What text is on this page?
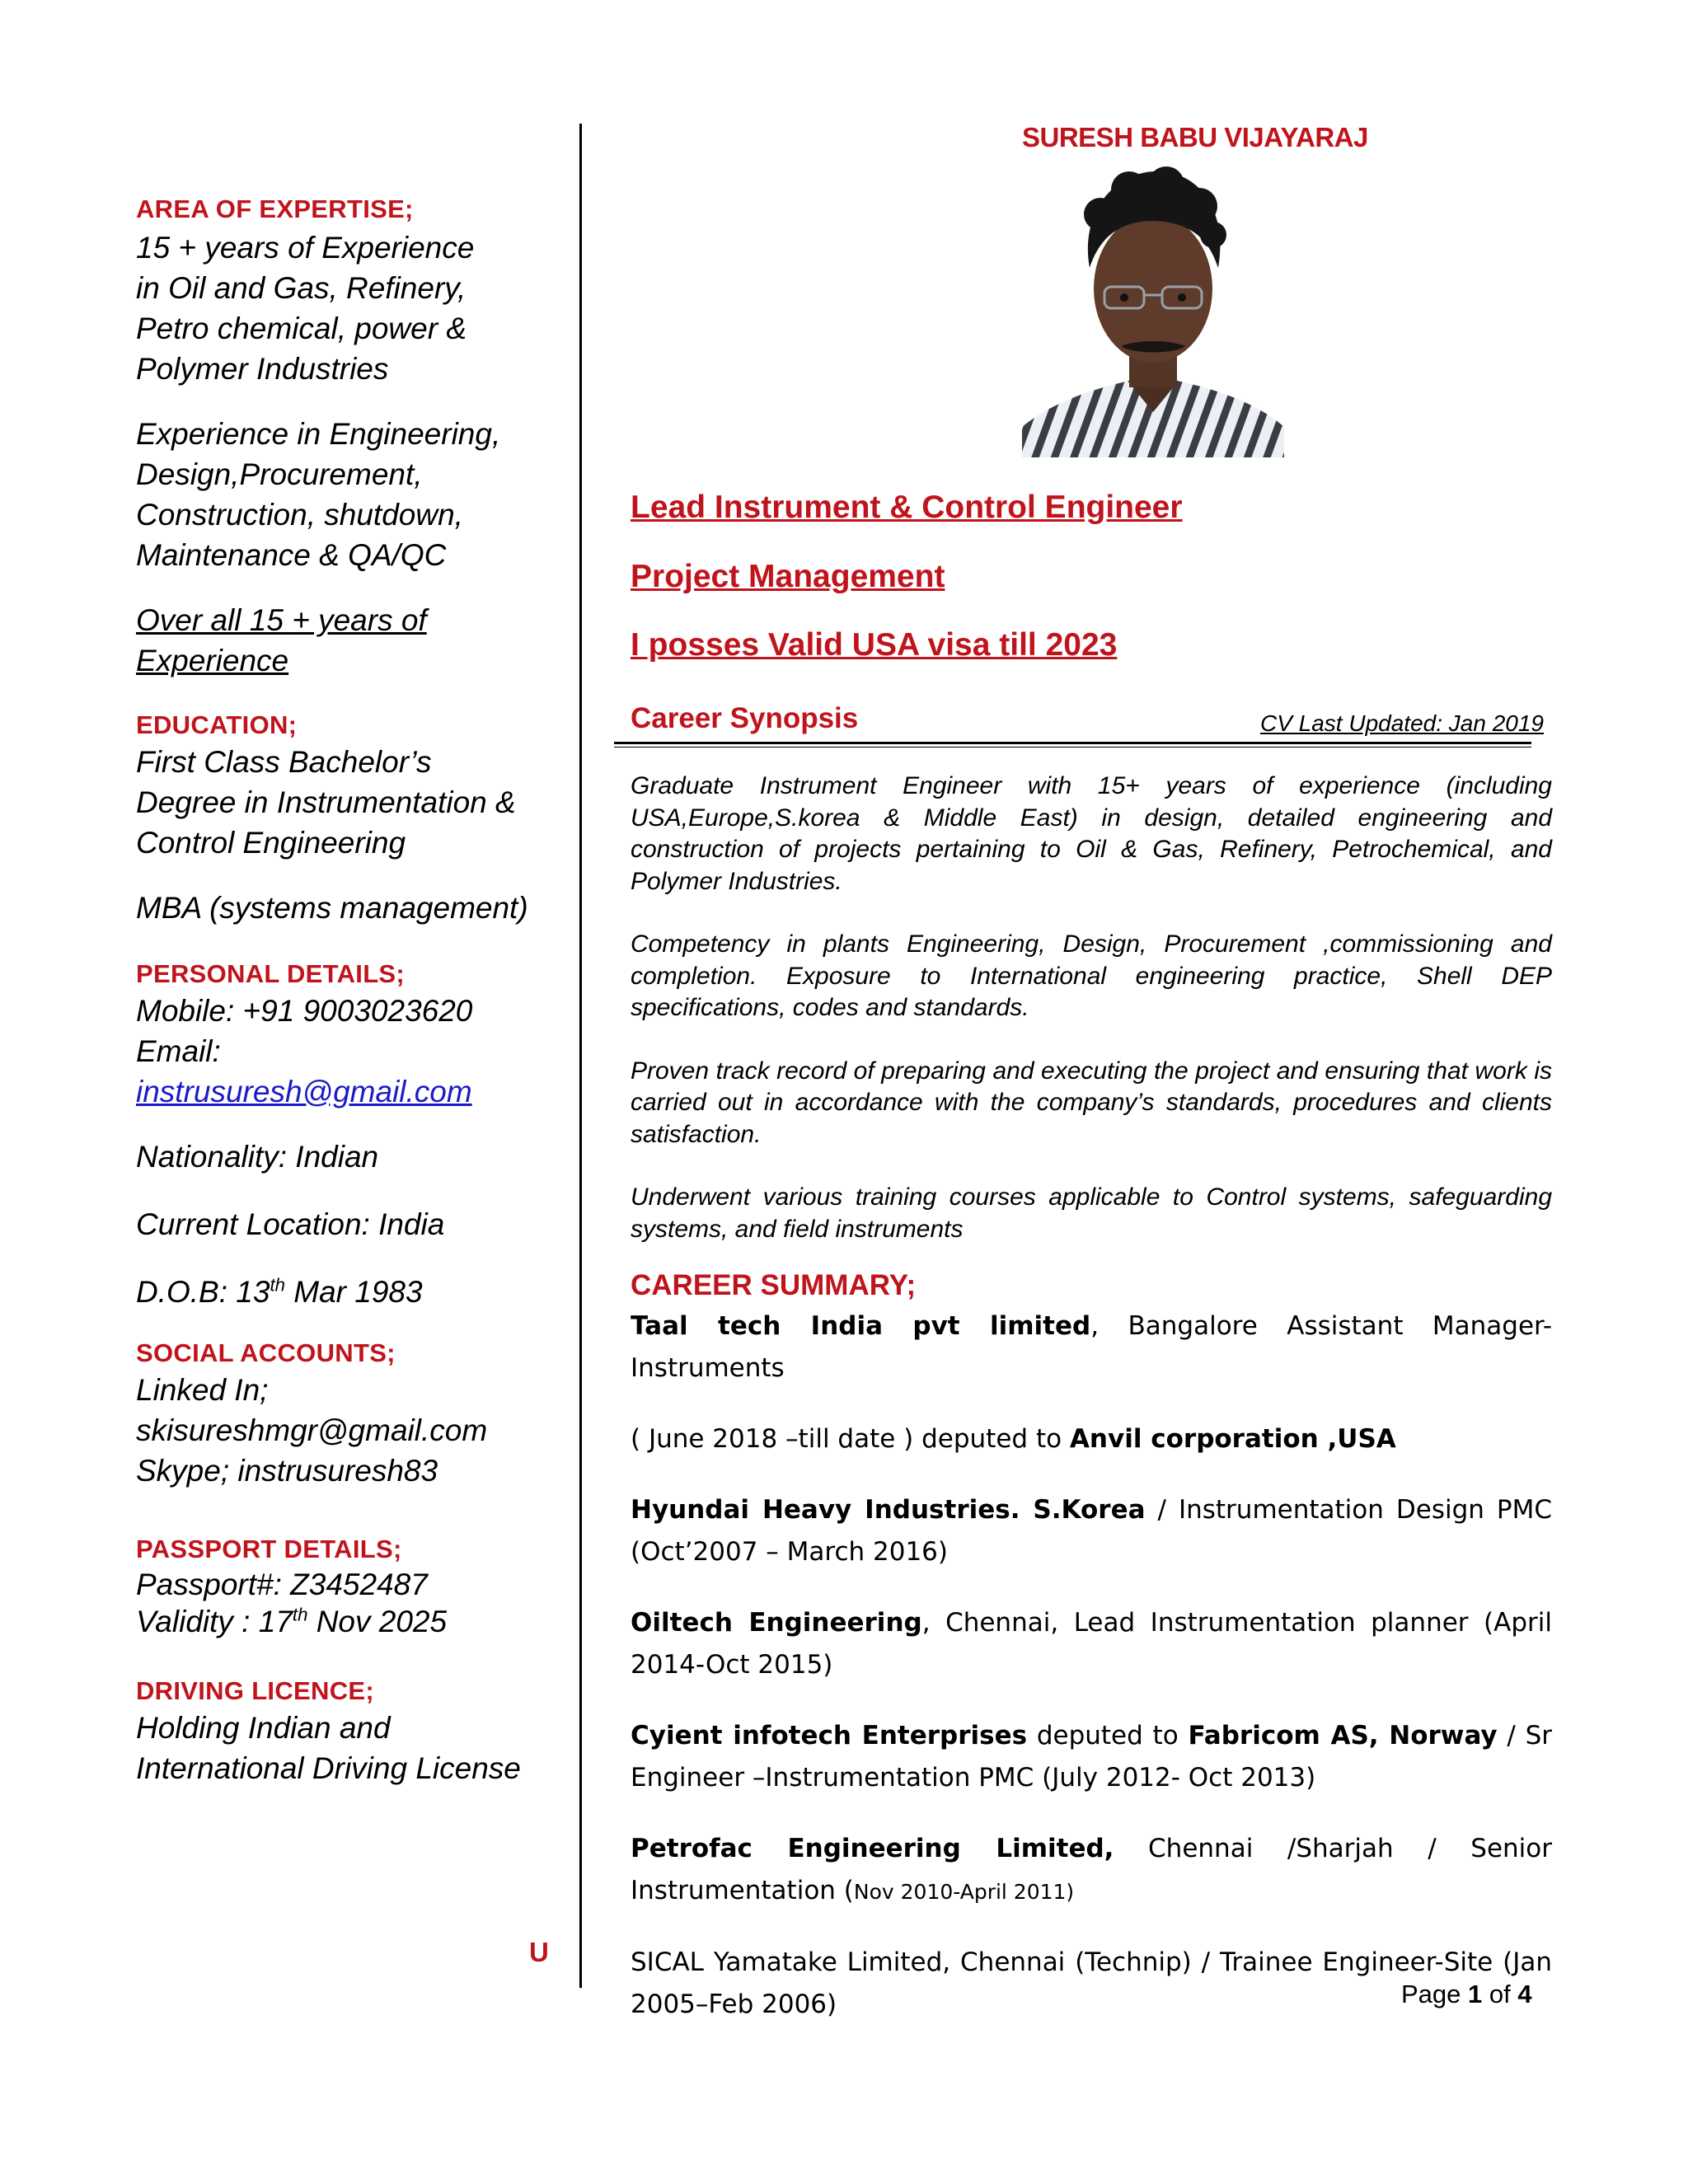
SURESH BABU VIJAYARAJ
AREA OF EXPERTISE;

15 + years of Experience

in Oil and Gas, Refinery,

Petro chemical, power &

Polymer Industries

Experience in Engineering,

Design,Procurement,

Construction, shutdown,

Maintenance & QA/QC

Over all 15 + years of

Experience

EDUCATION;

First Class Bachelor’s

Degree in Instrumentation &

Control Engineering

MBA (systems management)
PERSONAL DETAILS;

Mobile: +91 9003023620

Email:

instrusuresh@gmail.com

Nationality: Indian

Current Location: India

D.O.B: 13th Mar 1983

SOCIAL ACCOUNTS;

Linked In;

skisureshmgr@gmail.com

Skype; instrusuresh83

PASSPORT DETAILS;

Passport#: Z3452487

Validity : 17th Nov 2025

DRIVING LICENCE;

Holding Indian and

International Driving License

U
Lead Instrument & Control Engineer
Project Management
I posses Valid USA visa till 2023
Career Synopsis	CV Last Updated: Jan 2019

Graduate Instrument Engineer with 15+ years of experience (including USA,Europe,S.korea & Middle East) in design, detailed engineering and construction of projects pertaining to Oil & Gas, Refinery, Petrochemical, and Polymer Industries.

Competency in plants Engineering, Design, Procurement ,commissioning and completion. Exposure to International engineering practice, Shell DEP specifications, codes and standards.

Proven track record of preparing and executing the project and ensuring that work is carried out in accordance with the company’s standards, procedures and clients satisfaction.

Underwent various training courses applicable to Control systems, safeguarding systems, and field instruments

CAREER SUMMARY;

Taal tech India pvt limited, Bangalore Assistant Manager-Instruments

( June 2018 –till date ) deputed to Anvil corporation ,USA

Hyundai Heavy Industries. S.Korea / Instrumentation Design PMC (Oct’2007 – March 2016)

Oiltech Engineering, Chennai, Lead Instrumentation planner (April 2014-Oct 2015)

Cyient infotech Enterprises deputed to Fabricom AS, Norway / Sr Engineer –Instrumentation PMC (July 2012- Oct 2013)

Petrofac Engineering Limited, Chennai /Sharjah / Senior Instrumentation (Nov 2010-April 2011)

SICAL Yamatake Limited, Chennai (Technip) / Trainee Engineer-Site (Jan 2005–Feb 2006)	Page 1 of 4
